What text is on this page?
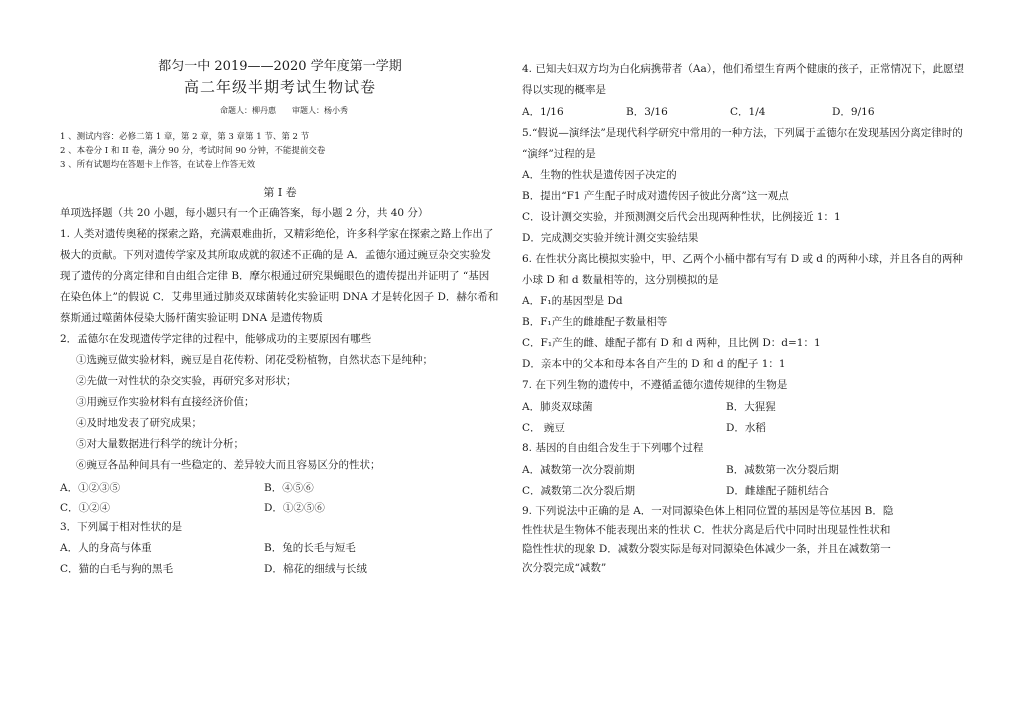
都匀一中 2019——2020 学年度第一学期
高二年级半期考试生物试卷
命题人：柳丹惠　　审题人：杨小秀
1 、测试内容：必修二第 1 章，第 2 章，第 3 章第 1 节、第 2 节
2 、本卷分 I 和 II 卷，满分 90 分，考试时间 90 分钟，不能提前交卷
3 、所有试题均在答题卡上作答，在试卷上作答无效
第 Ⅰ 卷
单项选择题（共 20 小题，每小题只有一个正确答案，每小题 2 分，共 40 分）
1. 人类对遗传奥秘的探索之路，充满艰难曲折，又精彩绝伦，许多科学家在探索之路上作出了
极大的贡献。下列对遗传学家及其所取成就的叙述不正确的是 A．孟德尔通过豌豆杂交实验发
现了遗传的分离定律和自由组合定律 B．摩尔根通过研究果蝇眼色的遗传提出并证明了 “基因
在染色体上”的假说 C．艾弗里通过肺炎双球菌转化实验证明 DNA 才是转化因子 D．赫尔希和
蔡斯通过噬菌体侵染大肠杆菌实验证明 DNA 是遗传物质
2．孟德尔在发现遗传学定律的过程中，能够成功的主要原因有哪些
①选豌豆做实验材料，豌豆是自花传粉、闭花受粉植物，自然状态下是纯种；
②先做一对性状的杂交实验，再研究多对形状；
③用豌豆作实验材料有直接经济价值；
④及时地发表了研究成果；
⑤对大量数据进行科学的统计分析；
⑥豌豆各品种间具有一些稳定的、差异较大而且容易区分的性状；
A．①②③⑤	B．④⑤⑥
C．①②④	D．①②⑤⑥
3．下列属于相对性状的是
A．人的身高与体重	B．兔的长毛与短毛
C．猫的白毛与狗的黑毛	D．棉花的细绒与长绒
4. 已知夫妇双方均为白化病携带者（Aa），他们希望生育两个健康的孩子，正常情况下，此愿望
得以实现的概率是
A．1/16	B．3/16	C．1/4	D．9/16
5.“假说—演绎法”是现代科学研究中常用的一种方法，下列属于孟德尔在发现基因分离定律时的
“演绎”过程的是
A．生物的性状是遗传因子决定的
B．提出“F1 产生配子时成对遗传因子彼此分离”这一观点
C．设计测交实验，并预测测交后代会出现两种性状，比例接近 1：1
D．完成测交实验并统计测交实验结果
6. 在性状分离比模拟实验中，甲、乙两个小桶中都有写有 D 或 d 的两种小球，并且各自的两种
小球 D 和 d 数量相等的，这分别模拟的是
A．F₁的基因型是 Dd
B．F₁产生的雌雄配子数量相等
C．F₁产生的雌、雄配子都有 D 和 d 两种，且比例 D：d=1：1
D．亲本中的父本和母本各自产生的 D 和 d 的配子 1：1
7. 在下列生物的遗传中，不遵循孟德尔遗传规律的生物是
A．肺炎双球菌	B．大猩猩
C． 豌豆	D．水稻
8. 基因的自由组合发生于下列哪个过程
A．减数第一次分裂前期	B．减数第一次分裂后期
C．减数第二次分裂后期	D．雌雄配子随机结合
9. 下列说法中正确的是 A．一对同源染色体上相同位置的基因是等位基因 B．隐
性性状是生物体不能表现出来的性状 C．性状分离是后代中同时出现显性性状和
隐性性状的现象 D．减数分裂实际是每对同源染色体减少一条，并且在减数第一
次分裂完成“减数”
